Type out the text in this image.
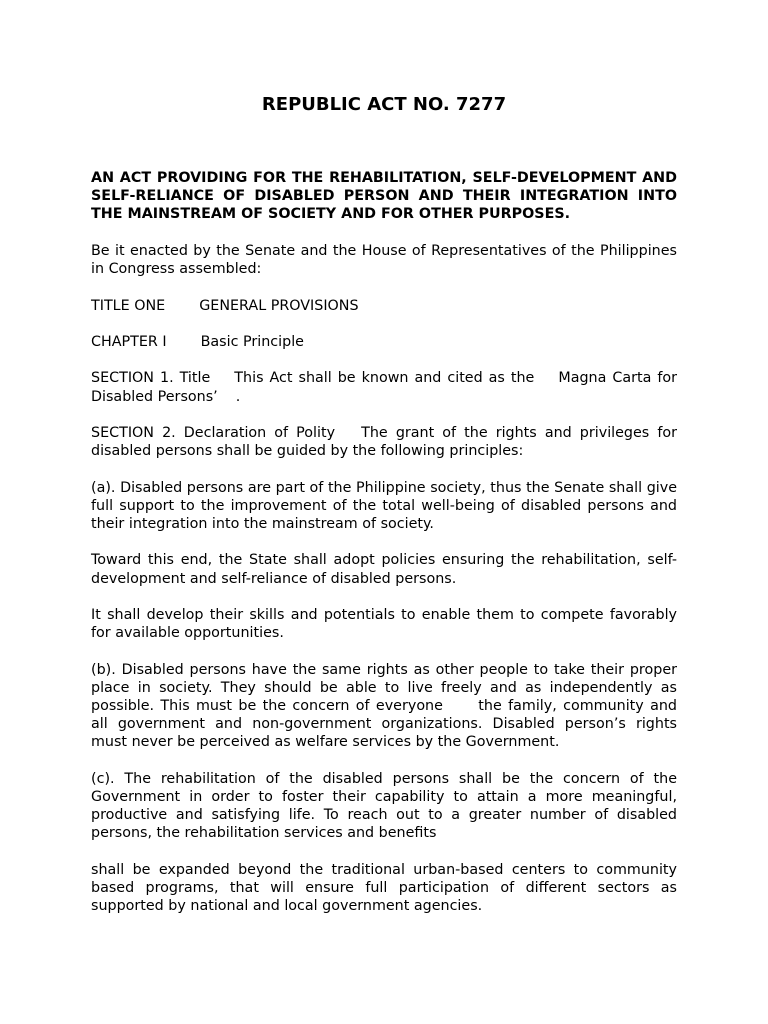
REPUBLIC ACT NO. 7277

AN ACT PROVIDING FOR THE REHABILITATION, SELF-DEVELOPMENT AND SELF-RELIANCE OF DISABLED PERSON AND THEIR INTEGRATION INTO THE MAINSTREAM OF SOCIETY AND FOR OTHER PURPOSES.

Be it enacted by the Senate and the House of Representatives of the Philippines in Congress assembled:

TITLE ONE GENERAL PROVISIONS

CHAPTER I Basic Principle

SECTION 1. Title This Act shall be known and cited as the Magna Carta for Disabled Persons’ .

SECTION 2. Declaration of Polity The grant of the rights and privileges for disabled persons shall be guided by the following principles:

(a). Disabled persons are part of the Philippine society, thus the Senate shall give full support to the improvement of the total well-being of disabled persons and their integration into the mainstream of society.

Toward this end, the State shall adopt policies ensuring the rehabilitation, self-development and self-reliance of disabled persons.

It shall develop their skills and potentials to enable them to compete favorably for available opportunities.

(b). Disabled persons have the same rights as other people to take their proper place in society. They should be able to live freely and as independently as possible. This must be the concern of everyone the family, community and all government and non-government organizations. Disabled person’s rights must never be perceived as welfare services by the Government.

(c). The rehabilitation of the disabled persons shall be the concern of the Government in order to foster their capability to attain a more meaningful, productive and satisfying life. To reach out to a greater number of disabled persons, the rehabilitation services and benefits

shall be expanded beyond the traditional urban-based centers to community based programs, that will ensure full participation of different sectors as supported by national and local government agencies.
